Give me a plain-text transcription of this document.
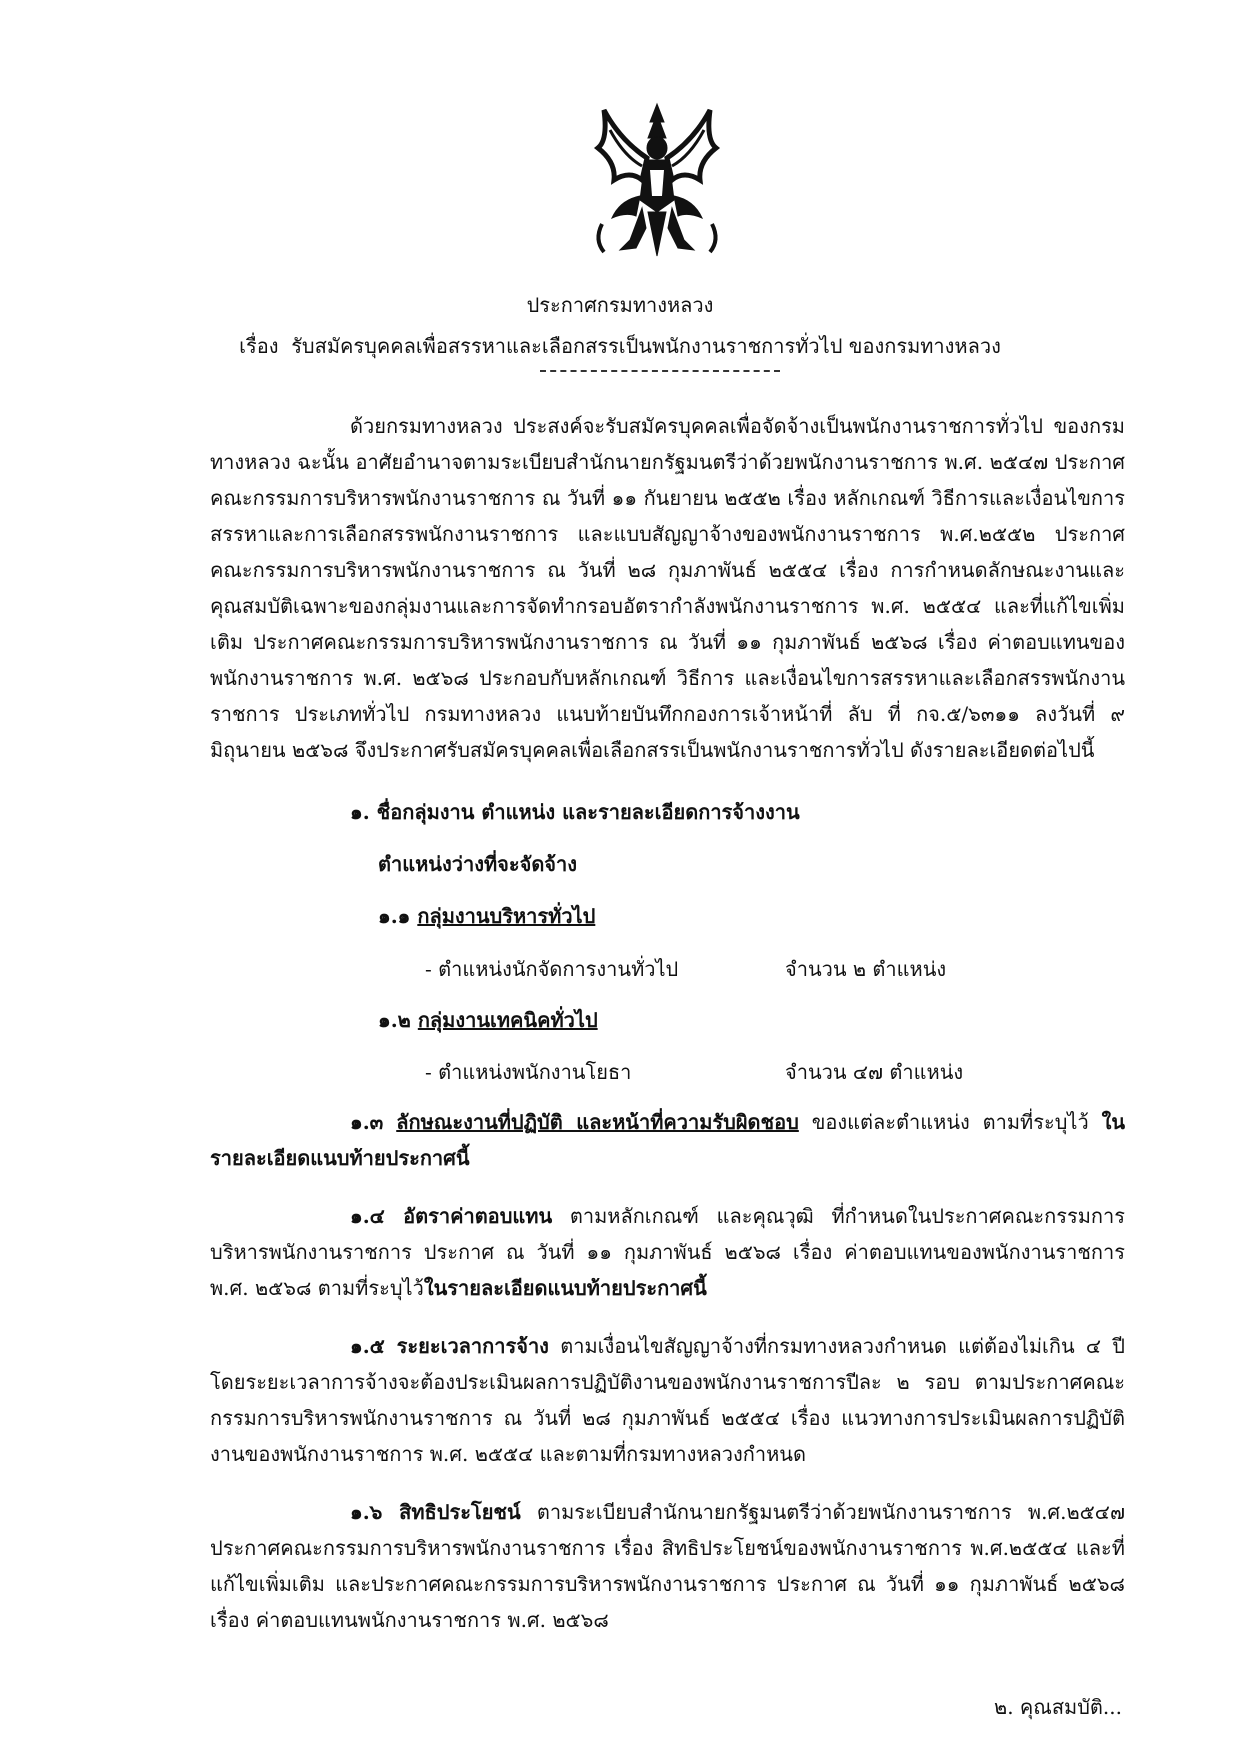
ประกาศกรมทางหลวง
เรื่อง รับสมัครบุคคลเพื่อสรรหาและเลือกสรรเป็นพนักงานราชการทั่วไป ของกรมทางหลวง
ด้วยกรมทางหลวง ประสงค์จะรับสมัครบุคคลเพื่อจัดจ้างเป็นพนักงานราชการทั่วไป ของกรมทางหลวง ฉะนั้น อาศัยอำนาจตามระเบียบสำนักนายกรัฐมนตรีว่าด้วยพนักงานราชการ พ.ศ. ๒๕๔๗ ประกาศคณะกรรมการบริหารพนักงานราชการ ณ วันที่ ๑๑ กันยายน ๒๕๕๒ เรื่อง หลักเกณฑ์ วิธีการและเงื่อนไขการสรรหาและการเลือกสรรพนักงานราชการ และแบบสัญญาจ้างของพนักงานราชการ พ.ศ.๒๕๕๒ ประกาศคณะกรรมการบริหารพนักงานราชการ ณ วันที่ ๒๘ กุมภาพันธ์ ๒๕๕๔ เรื่อง การกำหนดลักษณะงานและคุณสมบัติเฉพาะของกลุ่มงานและการจัดทำกรอบอัตรากำลังพนักงานราชการ พ.ศ. ๒๕๕๔ และที่แก้ไขเพิ่มเติม ประกาศคณะกรรมการบริหารพนักงานราชการ ณ วันที่ ๑๑ กุมภาพันธ์ ๒๕๖๘ เรื่อง ค่าตอบแทนของพนักงานราชการ พ.ศ. ๒๕๖๘ ประกอบกับหลักเกณฑ์ วิธีการ และเงื่อนไขการสรรหาและเลือกสรรพนักงานราชการ ประเภททั่วไป กรมทางหลวง แนบท้ายบันทึกกองการเจ้าหน้าที่ ลับ ที่ กจ.๕/๖๓๑๑ ลงวันที่ ๙ มิถุนายน ๒๕๖๘ จึงประกาศรับสมัครบุคคลเพื่อเลือกสรรเป็นพนักงานราชการทั่วไป ดังรายละเอียดต่อไปนี้
๑. ชื่อกลุ่มงาน ตำแหน่ง และรายละเอียดการจ้างงาน
ตำแหน่งว่างที่จะจัดจ้าง
๑.๑ กลุ่มงานบริหารทั่วไป
- ตำแหน่งนักจัดการงานทั่วไป	จำนวน ๒ ตำแหน่ง
๑.๒ กลุ่มงานเทคนิคทั่วไป
- ตำแหน่งพนักงานโยธา	จำนวน ๔๗ ตำแหน่ง
๑.๓ ลักษณะงานที่ปฏิบัติ และหน้าที่ความรับผิดชอบ ของแต่ละตำแหน่ง ตามที่ระบุไว้ ในรายละเอียดแนบท้ายประกาศนี้
๑.๔ อัตราค่าตอบแทน ตามหลักเกณฑ์ และคุณวุฒิ ที่กำหนดในประกาศคณะกรรมการบริหารพนักงานราชการ ประกาศ ณ วันที่ ๑๑ กุมภาพันธ์ ๒๕๖๘ เรื่อง ค่าตอบแทนของพนักงานราชการ พ.ศ. ๒๕๖๘ ตามที่ระบุไว้ในรายละเอียดแนบท้ายประกาศนี้
๑.๕ ระยะเวลาการจ้าง ตามเงื่อนไขสัญญาจ้างที่กรมทางหลวงกำหนด แต่ต้องไม่เกิน ๔ ปี โดยระยะเวลาการจ้างจะต้องประเมินผลการปฏิบัติงานของพนักงานราชการปีละ ๒ รอบ ตามประกาศคณะกรรมการบริหารพนักงานราชการ ณ วันที่ ๒๘ กุมภาพันธ์ ๒๕๕๔ เรื่อง แนวทางการประเมินผลการปฏิบัติงานของพนักงานราชการ พ.ศ. ๒๕๕๔ และตามที่กรมทางหลวงกำหนด
๑.๖ สิทธิประโยชน์ ตามระเบียบสำนักนายกรัฐมนตรีว่าด้วยพนักงานราชการ พ.ศ.๒๕๔๗ ประกาศคณะกรรมการบริหารพนักงานราชการ เรื่อง สิทธิประโยชน์ของพนักงานราชการ พ.ศ.๒๕๕๔ และที่แก้ไขเพิ่มเติม และประกาศคณะกรรมการบริหารพนักงานราชการ ประกาศ ณ วันที่ ๑๑ กุมภาพันธ์ ๒๕๖๘ เรื่อง ค่าตอบแทนพนักงานราชการ พ.ศ. ๒๕๖๘
๒. คุณสมบัติ...
